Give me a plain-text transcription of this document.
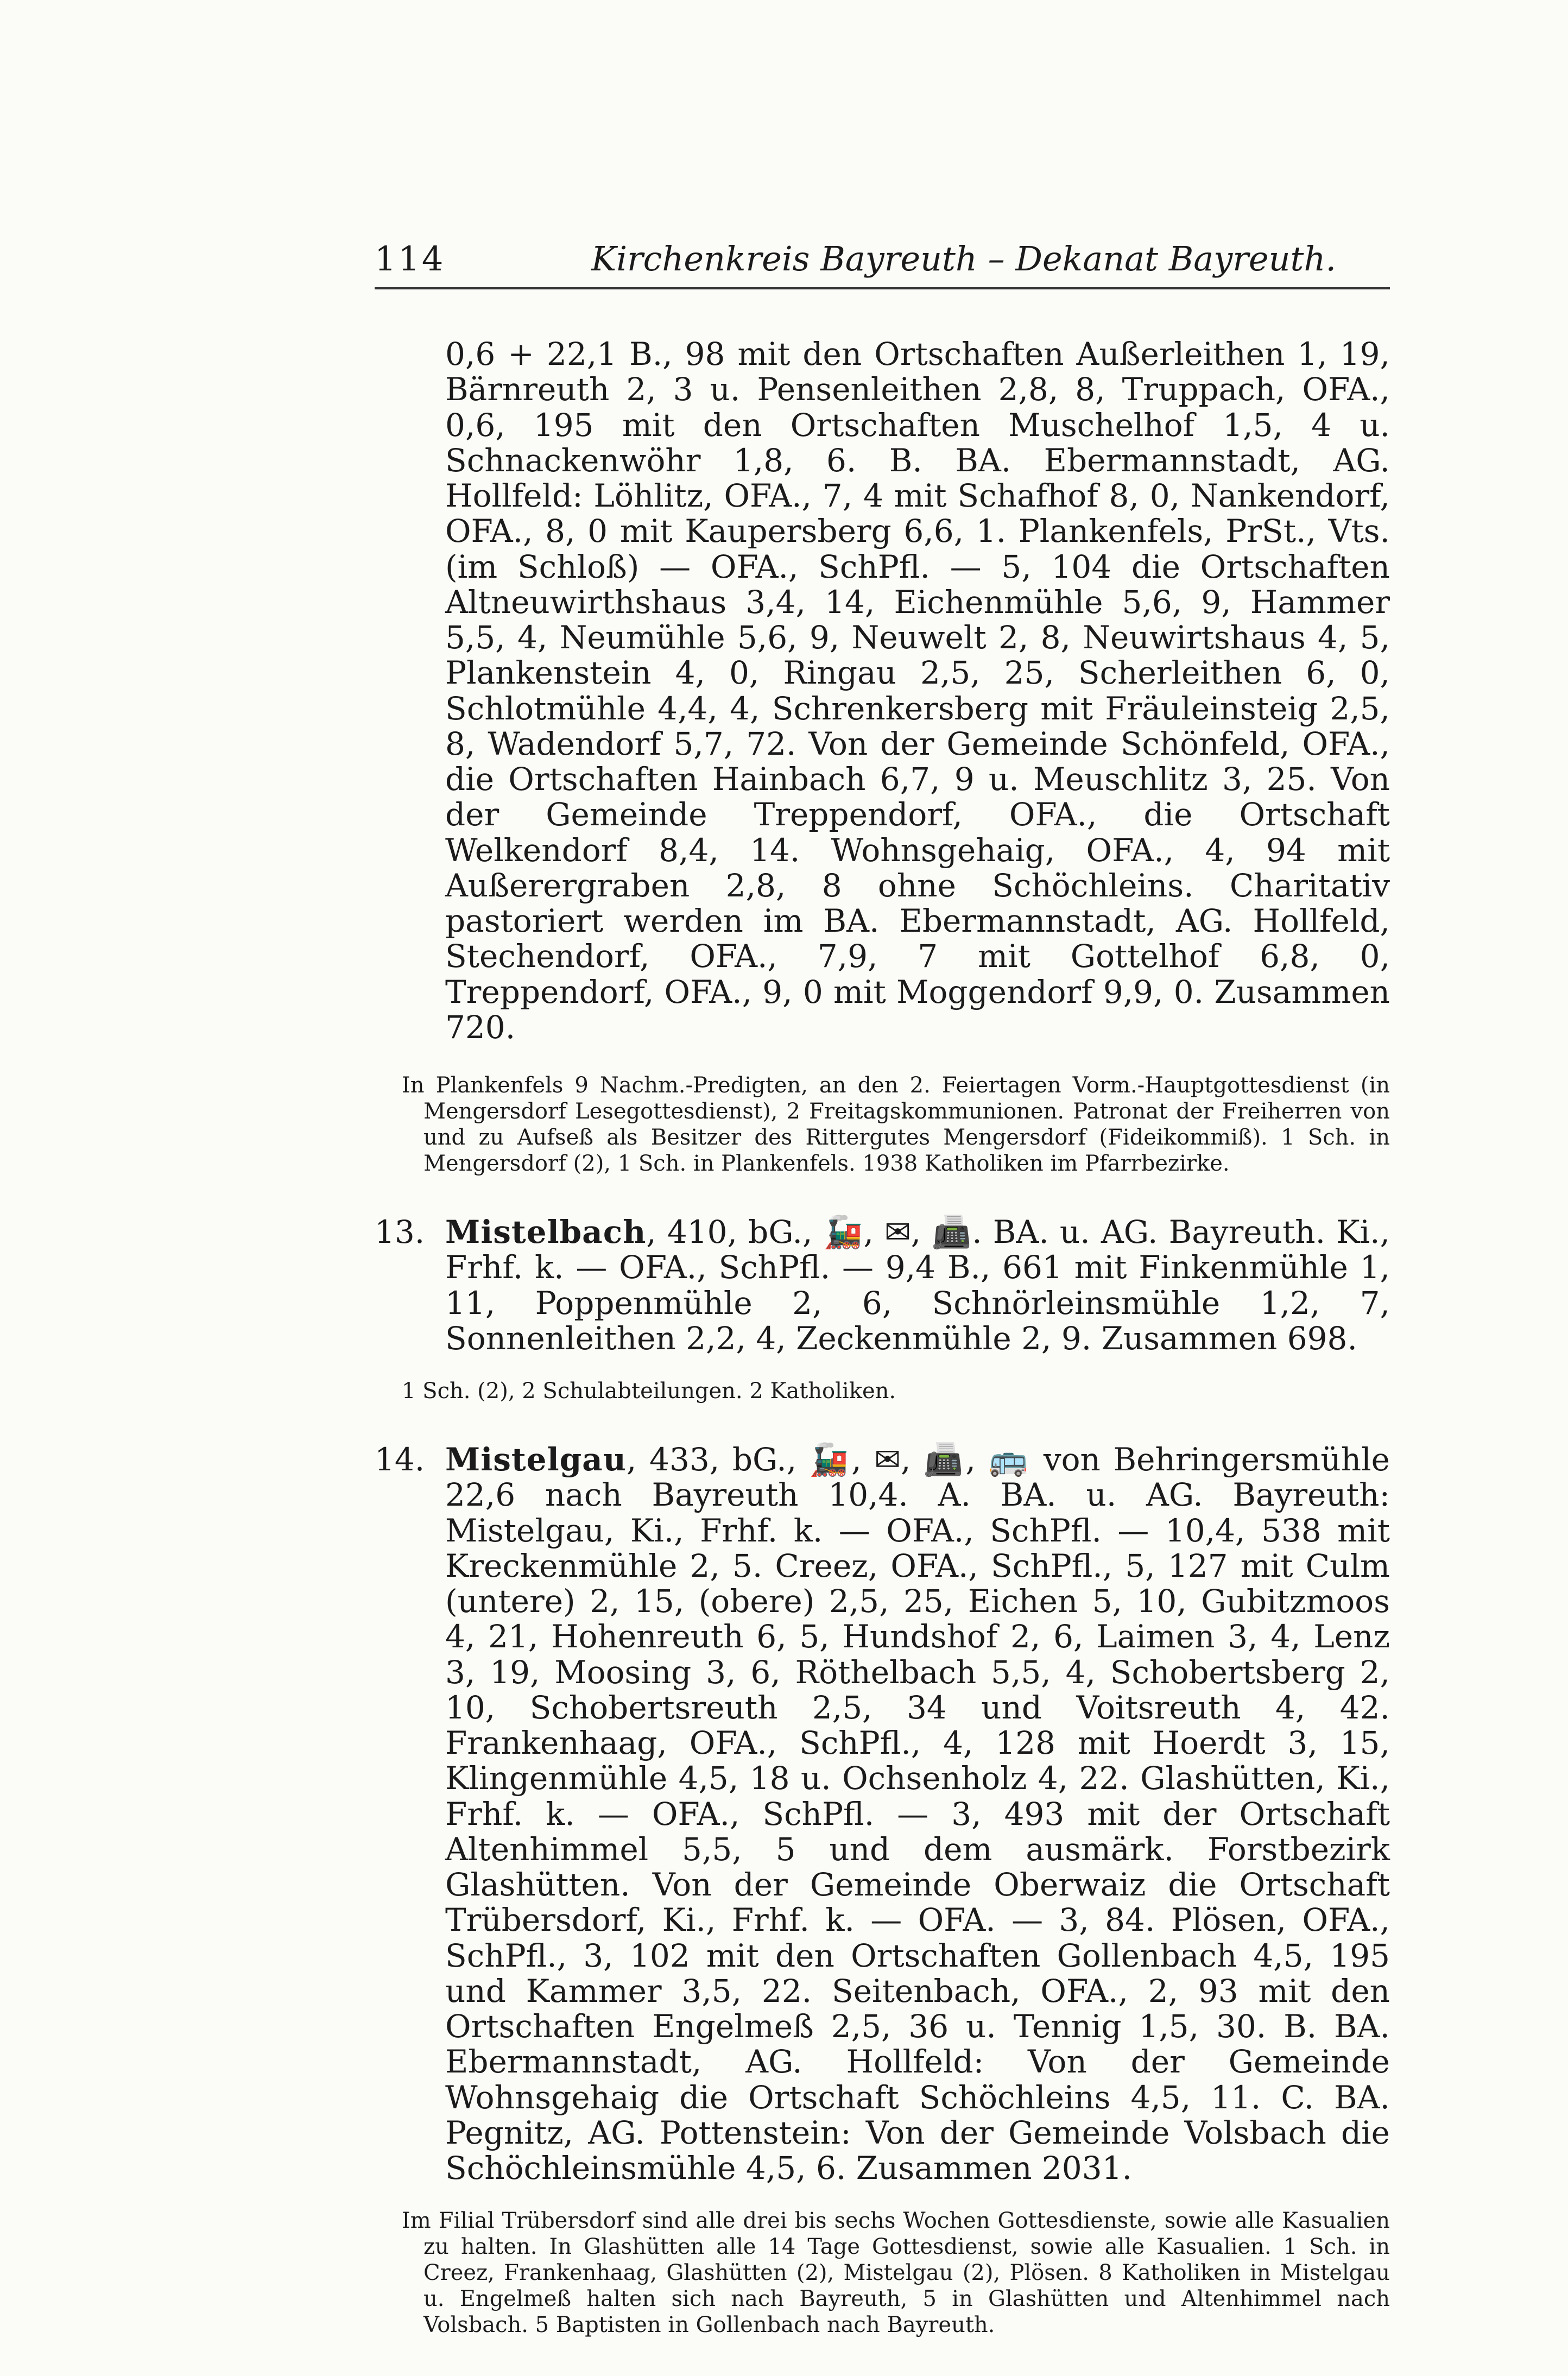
114	Kirchenkreis Bayreuth – Dekanat Bayreuth.

0,6 + 22,1 B., 98 mit den Ortschaften Außerleithen 1, 19, Bärnreuth 2, 3 u. Pensenleithen 2,8, 8, Truppach, OFA., 0,6, 195 mit den Ortschaften Muschelhof 1,5, 4 u. Schnackenwöhr 1,8, 6. B. BA. Ebermannstadt, AG. Hollfeld: Löhlitz, OFA., 7, 4 mit Schafhof 8, 0, Nankendorf, OFA., 8, 0 mit Kaupersberg 6,6, 1. Plankenfels, PrSt., Vts. (im Schloß) — OFA., SchPfl. — 5, 104 die Ortschaften Altneuwirthshaus 3,4, 14, Eichenmühle 5,6, 9, Hammer 5,5, 4, Neumühle 5,6, 9, Neuwelt 2, 8, Neuwirtshaus 4, 5, Plankenstein 4, 0, Ringau 2,5, 25, Scherleithen 6, 0, Schlotmühle 4,4, 4, Schrenkersberg mit Fräuleinsteig 2,5, 8, Wadendorf 5,7, 72. Von der Gemeinde Schönfeld, OFA., die Ortschaften Hainbach 6,7, 9 u. Meuschlitz 3, 25. Von der Gemeinde Treppendorf, OFA., die Ortschaft Welkendorf 8,4, 14. Wohnsgehaig, OFA., 4, 94 mit Außerergraben 2,8, 8 ohne Schöchleins. Charitativ pastoriert werden im BA. Ebermannstadt, AG. Hollfeld, Stechendorf, OFA., 7,9, 7 mit Gottelhof 6,8, 0, Treppendorf, OFA., 9, 0 mit Moggendorf 9,9, 0. Zusammen 720.

In Plankenfels 9 Nachm.-Predigten, an den 2. Feiertagen Vorm.-Hauptgottesdienst (in Mengersdorf Lesegottesdienst), 2 Freitagskommunionen. Patronat der Freiherren von und zu Aufseß als Besitzer des Rittergutes Mengersdorf (Fideikommiß). 1 Sch. in Mengersdorf (2), 1 Sch. in Plankenfels. 1938 Katholiken im Pfarrbezirke.

13. Mistelbach, 410, bG., 🚂, ✉, 📠. BA. u. AG. Bayreuth. Ki., Frhf. k. — OFA., SchPfl. — 9,4 B., 661 mit Finkenmühle 1, 11, Poppenmühle 2, 6, Schnörleinsmühle 1,2, 7, Sonnenleithen 2,2, 4, Zeckenmühle 2, 9. Zusammen 698.

1 Sch. (2), 2 Schulabteilungen. 2 Katholiken.

14. Mistelgau, 433, bG., 🚂, ✉, 📠, 🚌 von Behringersmühle 22,6 nach Bayreuth 10,4. A. BA. u. AG. Bayreuth: Mistelgau, Ki., Frhf. k. — OFA., SchPfl. — 10,4, 538 mit Kreckenmühle 2, 5. Creez, OFA., SchPfl., 5, 127 mit Culm (untere) 2, 15, (obere) 2,5, 25, Eichen 5, 10, Gubitzmoos 4, 21, Hohenreuth 6, 5, Hundshof 2, 6, Laimen 3, 4, Lenz 3, 19, Moosing 3, 6, Röthelbach 5,5, 4, Schobertsberg 2, 10, Schobertsreuth 2,5, 34 und Voitsreuth 4, 42. Frankenhaag, OFA., SchPfl., 4, 128 mit Hoerdt 3, 15, Klingenmühle 4,5, 18 u. Ochsenholz 4, 22. Glashütten, Ki., Frhf. k. — OFA., SchPfl. — 3, 493 mit der Ortschaft Altenhimmel 5,5, 5 und dem ausmärk. Forstbezirk Glashütten. Von der Gemeinde Oberwaiz die Ortschaft Trübersdorf, Ki., Frhf. k. — OFA. — 3, 84. Plösen, OFA., SchPfl., 3, 102 mit den Ortschaften Gollenbach 4,5, 195 und Kammer 3,5, 22. Seitenbach, OFA., 2, 93 mit den Ortschaften Engelmeß 2,5, 36 u. Tennig 1,5, 30. B. BA. Ebermannstadt, AG. Hollfeld: Von der Gemeinde Wohnsgehaig die Ortschaft Schöchleins 4,5, 11. C. BA. Pegnitz, AG. Pottenstein: Von der Gemeinde Volsbach die Schöchleinsmühle 4,5, 6. Zusammen 2031.

Im Filial Trübersdorf sind alle drei bis sechs Wochen Gottesdienste, sowie alle Kasualien zu halten. In Glashütten alle 14 Tage Gottesdienst, sowie alle Kasualien. 1 Sch. in Creez, Frankenhaag, Glashütten (2), Mistelgau (2), Plösen. 8 Katholiken in Mistelgau u. Engelmeß halten sich nach Bayreuth, 5 in Glashütten und Altenhimmel nach Volsbach. 5 Baptisten in Gollenbach nach Bayreuth.
